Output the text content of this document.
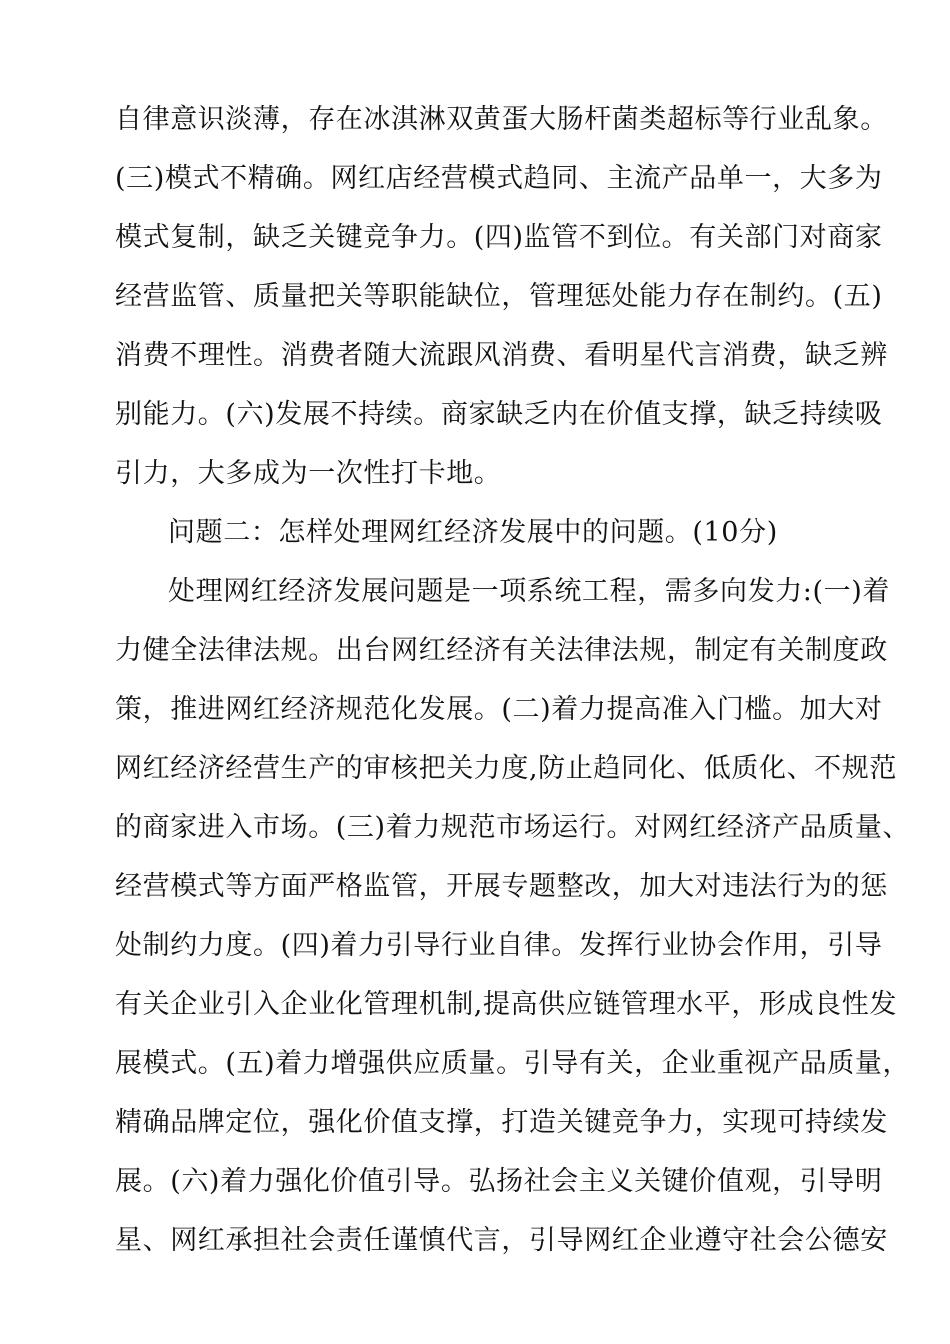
自律意识淡薄，存在冰淇淋双黄蛋大肠杆菌类超标等行业乱象。
(三)模式不精确。网红店经营模式趋同、主流产品单一，大多为
模式复制，缺乏关键竞争力。(四)监管不到位。有关部门对商家
经营监管、质量把关等职能缺位，管理惩处能力存在制约。(五)
消费不理性。消费者随大流跟风消费、看明星代言消费，缺乏辨
别能力。(六)发展不持续。商家缺乏内在价值支撑，缺乏持续吸
引力，大多成为一次性打卡地。
问题二：怎样处理网红经济发展中的问题。(10分)
处理网红经济发展问题是一项系统工程，需多向发力:(一)着
力健全法律法规。出台网红经济有关法律法规，制定有关制度政
策，推进网红经济规范化发展。(二)着力提高准入门槛。加大对
网红经济经营生产的审核把关力度,防止趋同化、低质化、不规范
的商家进入市场。(三)着力规范市场运行。对网红经济产品质量、
经营模式等方面严格监管，开展专题整改，加大对违法行为的惩
处制约力度。(四)着力引导行业自律。发挥行业协会作用，引导
有关企业引入企业化管理机制,提高供应链管理水平，形成良性发
展模式。(五)着力增强供应质量。引导有关，企业重视产品质量，
精确品牌定位，强化价值支撑，打造关键竞争力，实现可持续发
展。(六)着力强化价值引导。弘扬社会主义关键价值观，引导明
星、网红承担社会责任谨慎代言，引导网红企业遵守社会公德安
